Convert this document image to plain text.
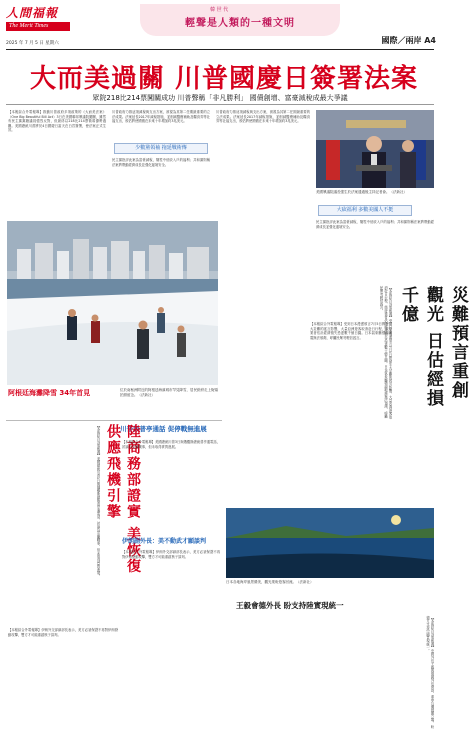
人間福報
The Merit Times
韓 世 代
輕聲是人類的一種文明
2025 年 7 月 5 日 星期六	國際／兩岸 A4
大而美過關 川普國慶日簽署法案
眾院218比214票闖關成功 川普聲稱「非凡勝利」 國債創增、富豪減稅成最大爭議
【本報綜合外電報導】推動川普政府多項政策的《大而美法案》（One Big Beautiful Bill Act）3日在美國聯邦眾議院闖關，雖然有民主黨黨籍議員強烈反對，但最終以218比214票微弱優勢過關。美國總統川普將於4日國慶日當天在白宮簽署，使法案正式生效。
川普政府力推這項減稅與支出方案，被視為其第二任期最重要的立法成果。法案延長2017年減稅措施，並削減醫療補助及糧食券等社福支出，預估將使國債在未來十年增加約3兆美元。
少數黨領袖 拖延戰術傳
民主黨批評此案為富豪減稅，犧牲中低收入戶的福利；共和黨則稱法案將帶動經濟成長並強化邊境安全。
川普政府力推這項減稅與支出方案，被視為其第二任期最重要的立法成果。法案延長2017年減稅措施，並削減醫療補助及糧食券等社福支出，預估將使國債在未來十年增加約3兆美元。
美國眾議院議長強生於法案通過後主持記者會。（法新社）
大砍福利 多數美國人不挺
民主黨批評此案為富豪減稅，犧牲中低收入戶的福利；共和黨則稱法案將帶動經濟成長並強化邊境安全。
阿根廷海灘降雪 34年首見	位於南極洲附近的阿根廷海濱城市罕見降雪，居民紛紛走上街頭拍照留念。（法新社）	災難預言重創觀光 日估經損千億
【本報綜合外電報導】受到日本漫畫預言7月5日將發生大災難的謠言影響，大量亞洲遊客取消赴日行程，旅遊業者估計經濟損失恐達數千億日圓。日本氣象廳強調地震無法預測，呼籲民眾勿輕信謠言。
【本報綜合外電報導】受到日本漫畫預言7月5日將發生大災難的謠言影響，大量亞洲遊客取消赴日行程，旅遊業者估計經濟損失恐達數千億日圓。日本氣象廳強調地震無法預測，呼籲民眾勿輕信謠言。
日本各地海岸風景優美，觀光業盼遊客回流。（法新社）
川普與普亭通話 促停戰無進展
陸商務部證實 美恢復供應飛機引擎
【本報綜合外電報導】美國總統川普3日與俄羅斯總統普亭通電話，討論烏克蘭戰事，但未取得實質進展。	【本報綜合外電報導】美國總統川普3日與俄羅斯總統普亭通電話，討論烏克蘭戰事，但未取得實質進展。
伊朗副外長：美不動武才願談判
【本報綜合外電報導】伊朗外交部副部長表示，美方必須保證不再對伊朗發動攻擊，雙方才可能重啟核子談判。
【本報綜合外電報導】伊朗外交部副部長表示，美方必須保證不再對伊朗發動攻擊，雙方才可能重啟核子談判。
王毅會德外長 盼支持陸實現統一
【本報綜合外電報導】中國外長王毅與德國外長會談，重申台灣問題立場，盼德方支持中國實現統一。
